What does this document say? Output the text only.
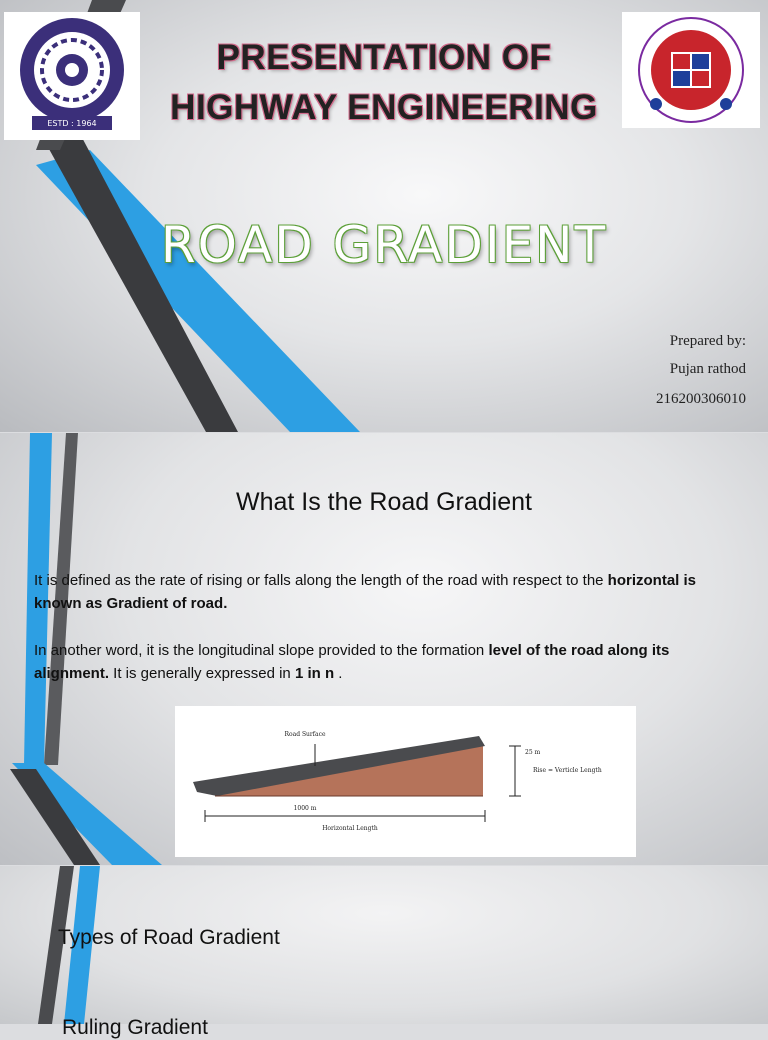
ESTD : 1964
PRESENTATION OF
HIGHWAY ENGINEERING
ROAD GRADIENT
Prepared by:
Pujan rathod
216200306010
What Is the Road Gradient
It is defined as the rate of rising or falls along the length of the road with respect to the horizontal is known as Gradient of road.
In another word, it is the longitudinal slope provided to the formation level of the road along its alignment. It is generally expressed in 1 in n .
Road Surface
25 m
Rise = Verticle Length
1000 m
Horizontal Length
Types of Road Gradient
Ruling Gradient
